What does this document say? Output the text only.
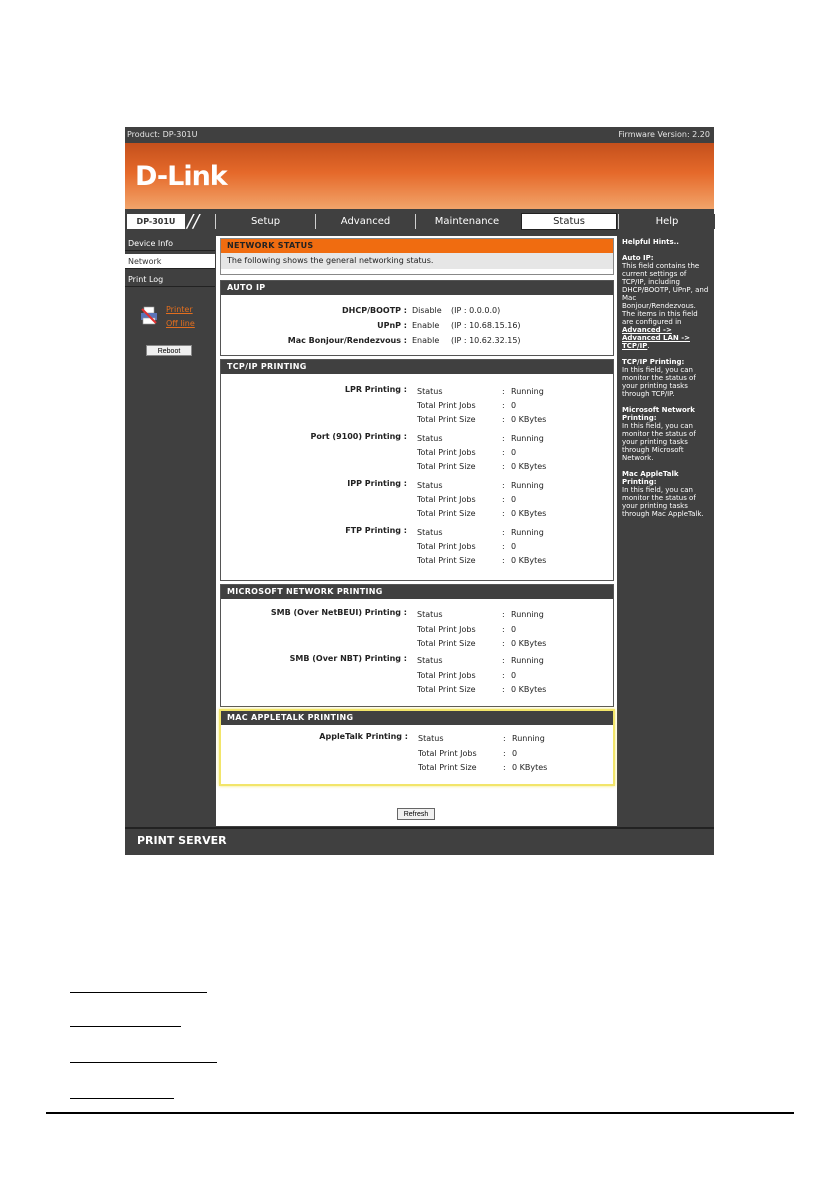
Product: DP-301U	Firmware Version: 2.20
D-Link
DP-301U //	Setup	Advanced	Maintenance	Status	Help
Device Info
Network
Print Log
Printer
Off line
Reboot
NETWORK STATUS
The following shows the general networking status.
AUTO IP
DHCP/BOOTP : Disable (IP : 0.0.0.0)
UPnP : Enable (IP : 10.68.15.16)
Mac Bonjour/Rendezvous : Enable (IP : 10.62.32.15)
TCP/IP PRINTING
LPR Printing : Status	: Running
Total Print Jobs	: 0
Total Print Size	: 0 KBytes
Port (9100) Printing : Status	: Running
Total Print Jobs	: 0
Total Print Size	: 0 KBytes
IPP Printing : Status	: Running
Total Print Jobs	: 0
Total Print Size	: 0 KBytes
FTP Printing : Status	: Running
Total Print Jobs	: 0
Total Print Size	: 0 KBytes
MICROSOFT NETWORK PRINTING
SMB (Over NetBEUI) Printing : Status	: Running
Total Print Jobs	: 0
Total Print Size	: 0 KBytes
SMB (Over NBT) Printing : Status	: Running
Total Print Jobs	: 0
Total Print Size	: 0 KBytes
MAC APPLETALK PRINTING
AppleTalk Printing : Status	: Running
Total Print Jobs	: 0
Total Print Size	: 0 KBytes
Refresh

Helpful Hints..

Auto IP:
This field contains the current settings of TCP/IP, including DHCP/BOOTP, UPnP, and Mac Bonjour/Rendezvous. The items in this field are configured in Advanced -> Advanced LAN -> TCP/IP.

TCP/IP Printing:
In this field, you can monitor the status of your printing tasks through TCP/IP.

Microsoft Network Printing:
In this field, you can monitor the status of your printing tasks through Microsoft Network.

Mac AppleTalk Printing:
In this field, you can monitor the status of your printing tasks through Mac AppleTalk.

PRINT SERVER
